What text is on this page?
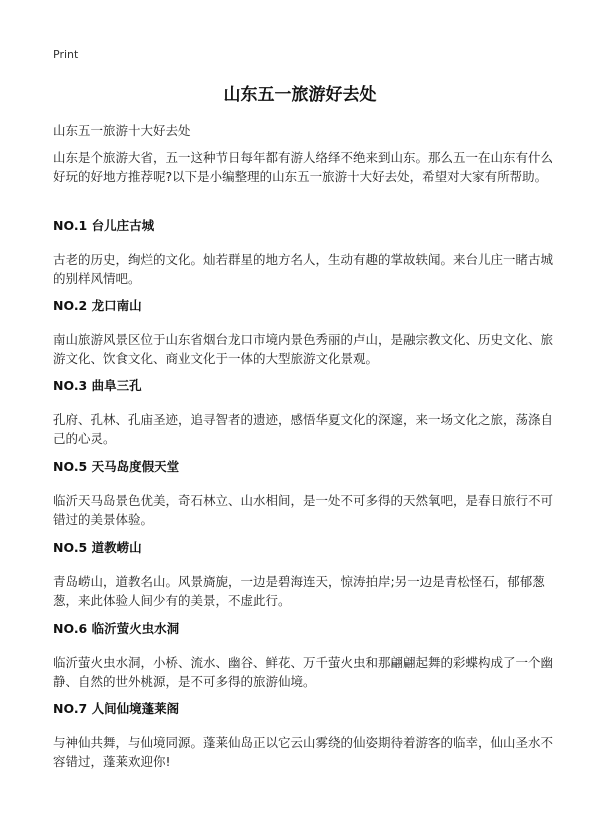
Print
山东五一旅游好去处
山东五一旅游十大好去处

山东是个旅游大省，五一这种节日每年都有游人络绎不绝来到山东。那么五一在山东有什么好玩的好地方推荐呢?以下是小编整理的山东五一旅游十大好去处，希望对大家有所帮助。

NO.1 台儿庄古城

古老的历史，绚烂的文化。灿若群星的地方名人，生动有趣的掌故轶闻。来台儿庄一睹古城的别样风情吧。

NO.2 龙口南山

南山旅游风景区位于山东省烟台龙口市境内景色秀丽的卢山，是融宗教文化、历史文化、旅游文化、饮食文化、商业文化于一体的大型旅游文化景观。

NO.3 曲阜三孔

孔府、孔林、孔庙圣迹，追寻智者的遗迹，感悟华夏文化的深邃，来一场文化之旅，荡涤自己的心灵。

NO.5 天马岛度假天堂

临沂天马岛景色优美，奇石林立、山水相间，是一处不可多得的天然氧吧，是春日旅行不可错过的美景体验。

NO.5 道教崂山

青岛崂山，道教名山。风景旖旎，一边是碧海连天，惊涛拍岸;另一边是青松怪石，郁郁葱葱，来此体验人间少有的美景，不虚此行。

NO.6 临沂萤火虫水洞

临沂萤火虫水洞，小桥、流水、幽谷、鲜花、万千萤火虫和那翩翩起舞的彩蝶构成了一个幽静、自然的世外桃源，是不可多得的旅游仙境。

NO.7 人间仙境蓬莱阁

与神仙共舞，与仙境同源。蓬莱仙岛正以它云山雾绕的仙姿期待着游客的临幸，仙山圣水不容错过，蓬莱欢迎你!
